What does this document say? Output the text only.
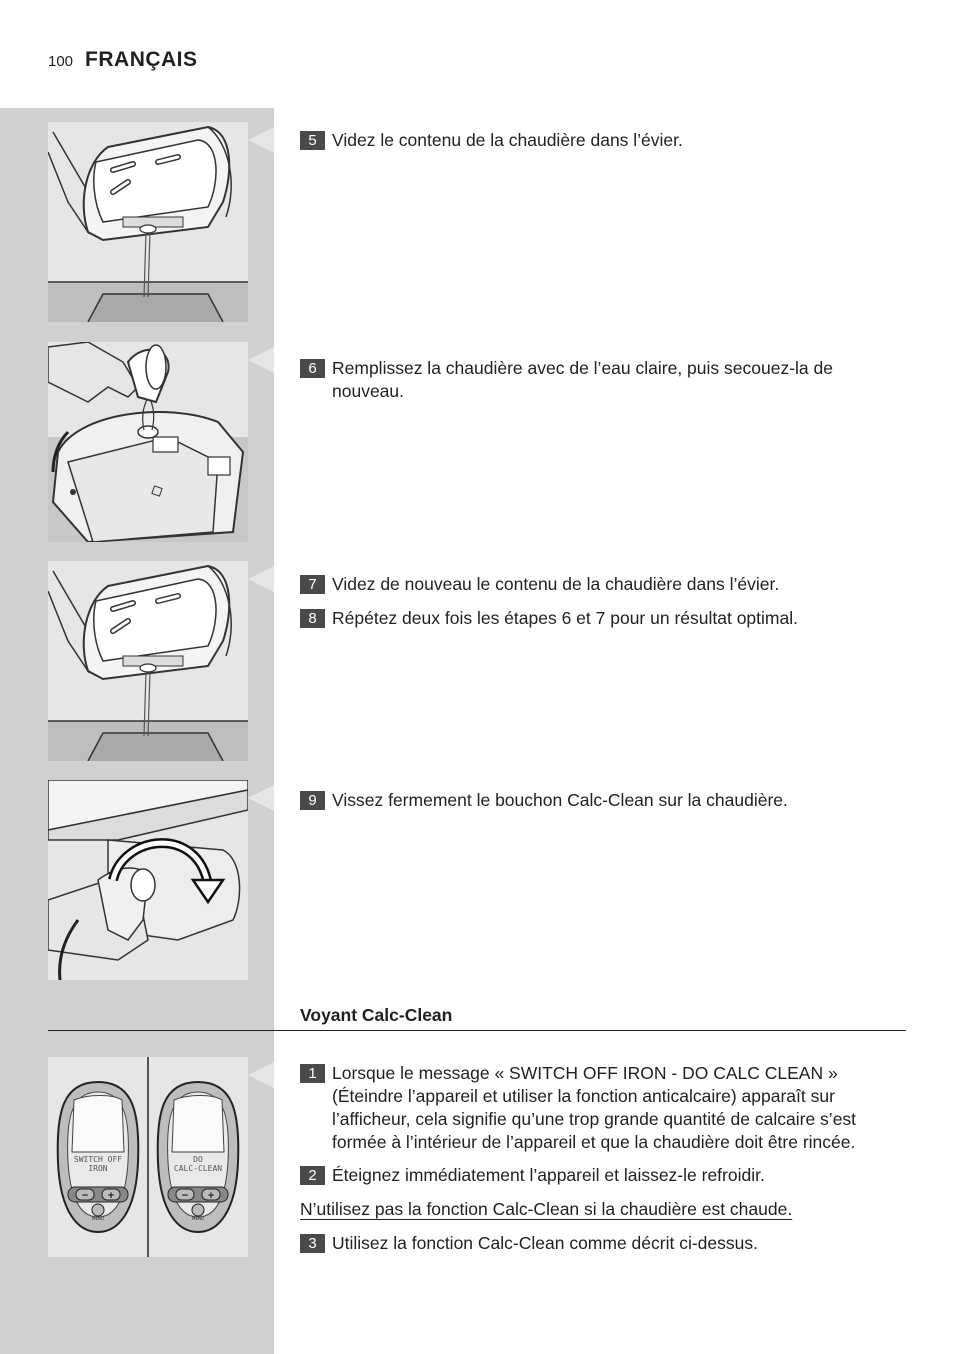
100 FRANÇAIS
5 Videz le contenu de la chaudière dans l’évier.
6 Remplissez la chaudière avec de l’eau claire, puis secouez-la de nouveau.
7 Videz de nouveau le contenu de la chaudière dans l’évier.
8 Répétez deux fois les étapes 6 et 7 pour un résultat optimal.
9 Vissez fermement le bouchon Calc-Clean sur la chaudière.
Voyant Calc-Clean
SWITCH OFF
IRON
− +
MENU
DO
CALC-CLEAN
− +
MENU
1 Lorsque le message « SWITCH OFF IRON - DO CALC CLEAN » (Éteindre l’appareil et utiliser la fonction anticalcaire) apparaît sur l’afficheur, cela signifie qu’une trop grande quantité de calcaire s’est formée à l’intérieur de l’appareil et que la chaudière doit être rincée.
2 Éteignez immédiatement l’appareil et laissez-le refroidir.
N’utilisez pas la fonction Calc-Clean si la chaudière est chaude.
3 Utilisez la fonction Calc-Clean comme décrit ci-dessus.
